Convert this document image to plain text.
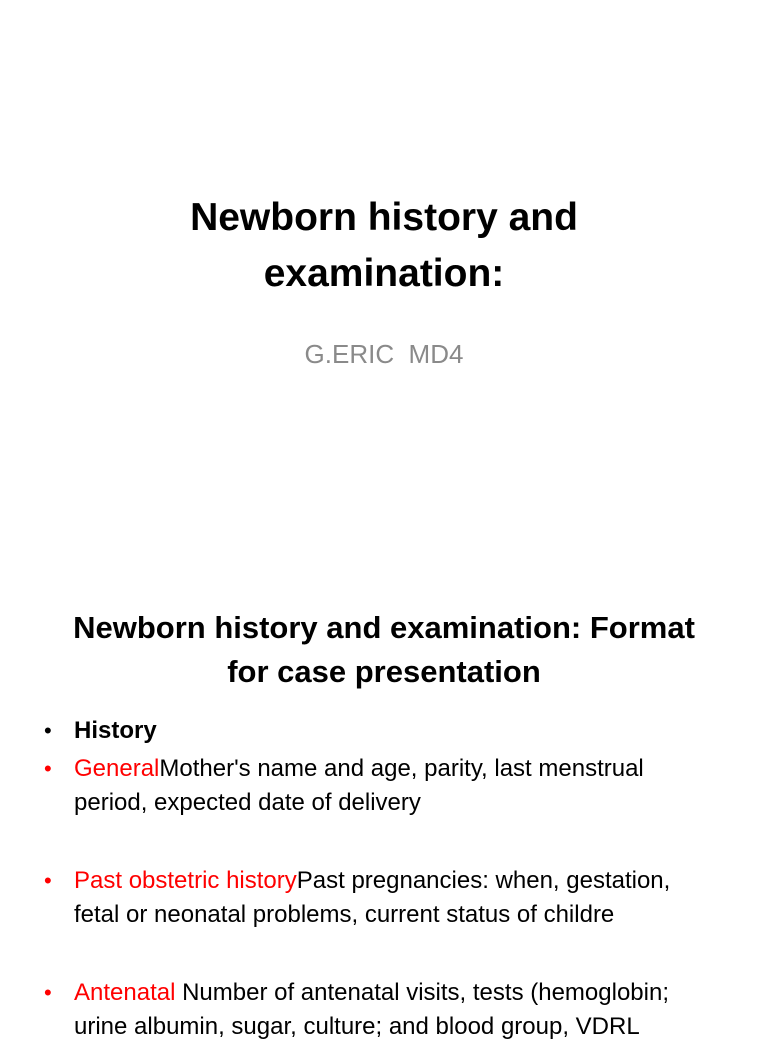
Newborn history and
examination:
G.ERIC  MD4
Newborn history and examination: Format
for case presentation
• History
• GeneralMother's name and age, parity, last menstrual
period, expected date of delivery
• Past obstetric historyPast pregnancies: when, gestation,
fetal or neonatal problems, current status of childre
• Antenatal Number of antenatal visits, tests (hemoglobin;
urine albumin, sugar, culture; and blood group, VDRL
